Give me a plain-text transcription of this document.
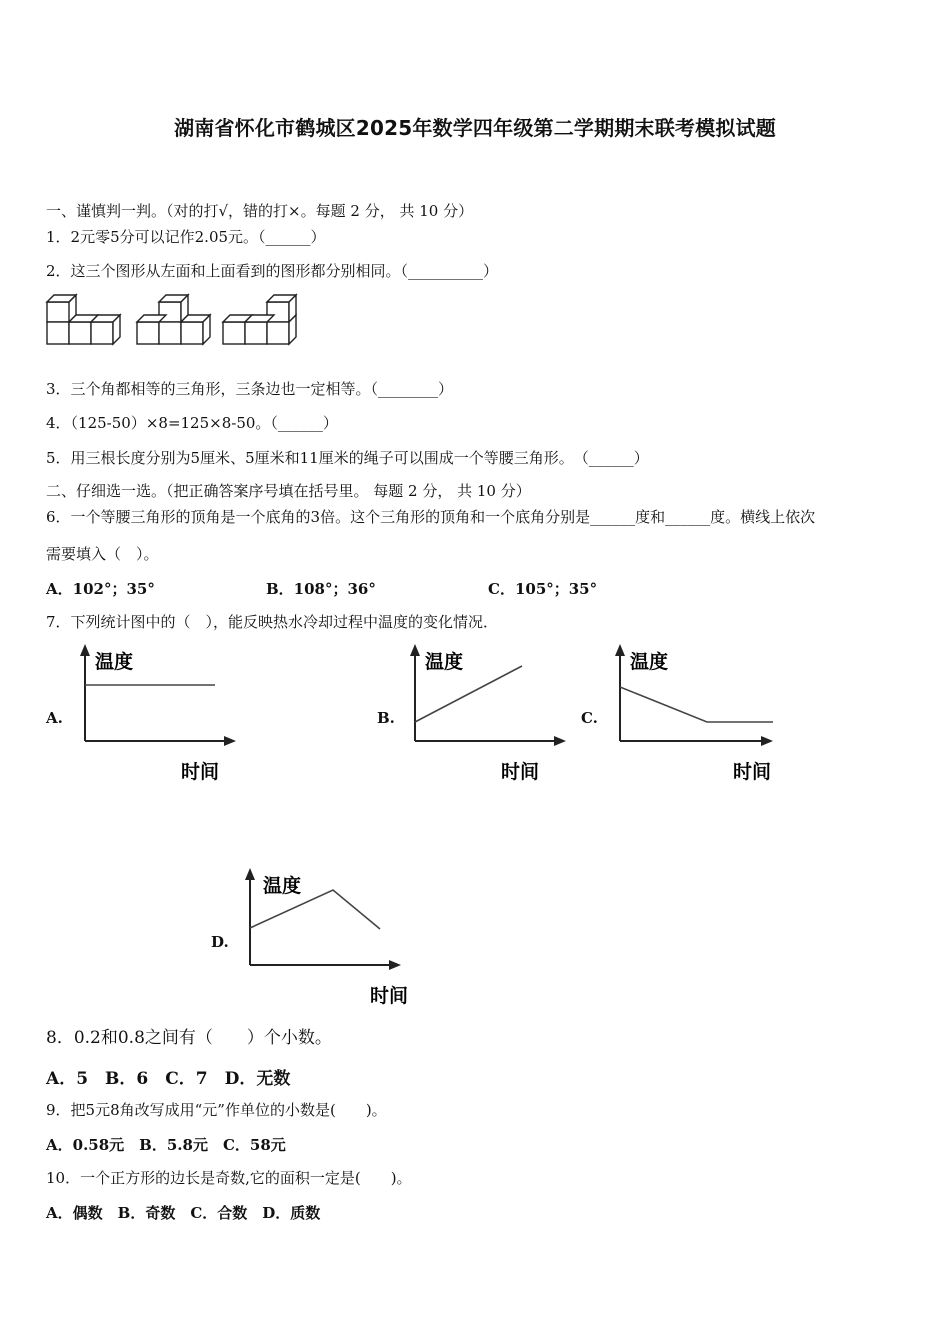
湖南省怀化市鹤城区2025年数学四年级第二学期期末联考模拟试题
一、谨慎判一判。（对的打√，错的打×。每题 2 分， 共 10 分）
1．2元零5分可以记作2.05元。（______）
2．这三个图形从左面和上面看到的图形都分别相同。（__________）
3．三个角都相等的三角形，三条边也一定相等。（________）
4．（125-50）×8=125×8-50。（______）
5．用三根长度分别为5厘米、5厘米和11厘米的绳子可以围成一个等腰三角形。　（______）
二、仔细选一选。（把正确答案序号填在括号里。 每题 2 分， 共 10 分）
6．一个等腰三角形的顶角是一个底角的3倍。这个三角形的顶角和一个底角分别是______度和______度。横线上依次
需要填入（　）。
A．102°；35°	B．108°；36°	C．105°；35°
7．下列统计图中的（　），能反映热水冷却过程中温度的变化情况．
A.	B.	C.
D.
温度
时间
温度
时间
温度
时间
温度
时间
8．0.2和0.8之间有（　　）个小数。
A．5　B．6　C．7　D．无数
9．把5元8角改写成用“元”作单位的小数是(　　)。
A．0.58元　B．5.8元　C．58元
10．一个正方形的边长是奇数,它的面积一定是(　　)。
A．偶数　B．奇数　C．合数　D．质数
